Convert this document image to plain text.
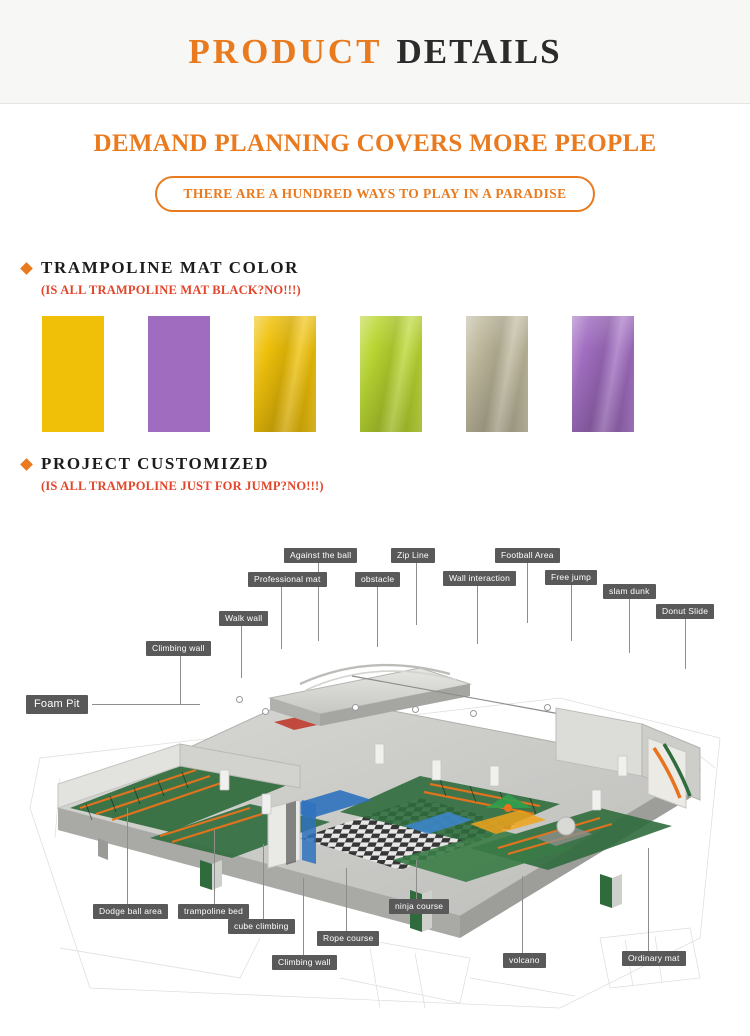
PRODUCT DETAILS
DEMAND PLANNING COVERS MORE PEOPLE
THERE ARE A HUNDRED WAYS TO PLAY IN A PARADISE
TRAMPOLINE MAT COLOR
(IS ALL TRAMPOLINE MAT BLACK?NO!!!)
PROJECT CUSTOMIZED
(IS ALL TRAMPOLINE JUST FOR JUMP?NO!!!)
Against the ball	Zip Line	Football Area
Professional mat	obstacle	Wall interaction	Free jump
slam dunk
Walk wall
Donut Slide
Climbing wall
Foam Pit
Dodge ball area	trampoline bed
cube climbing
Rope course
ninja course
Climbing wall	volcano	Ordinary mat
